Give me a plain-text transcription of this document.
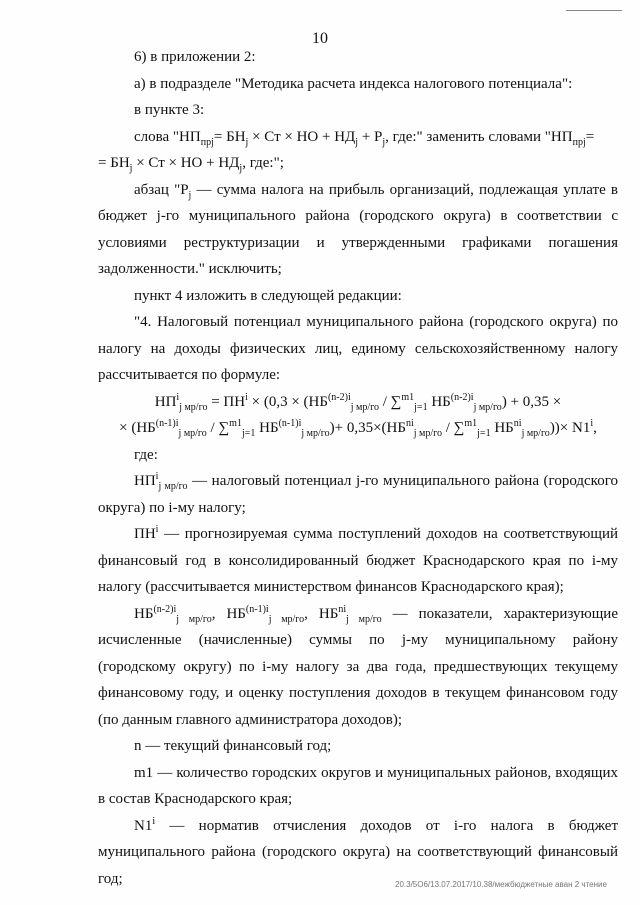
10

6) в приложении 2:

а) в подразделе "Методика расчета индекса налогового потенциала":

в пункте 3:

слова "$НП_{прj}= БН_j$ × Ст × НО + $НД_j + P_j$, где:" заменить словами "$НП_{прj}=$

= $БН_j$ × Ст × НО + $НД_j$, где:";

абзац "$P_j$ — сумма налога на прибыль организаций, подлежащая уплате в бюджет j-го муниципального района (городского округа) в соответствии с условиями реструктуризации и утвержденными графиками погашения задолженности." исключить;

пункт 4 изложить в следующей редакции:

"4. Налоговый потенциал муниципального района (городского округа) по налогу на доходы физических лиц, единому сельскохозяйственному налогу рассчитывается по формуле:

$НП^i_{j мр/го} = ПН^i \times (0,3 \times (НБ^{(n-2)i}_{j мр/го} / \sum^{m1}_{j=1}$ $НБ^{(n-2)i}_{j мр/го}) + 0,35$ ×

× ($НБ^{(n-1)i}_{j мр/го} / \sum^{m1}_{j=1}$ $НБ^{(n-1)i}_{j мр/го})+ 0,35\times(НБ^{ni}_{j мр/го} / \sum^{m1}_{j=1}$ $НБ^{ni}_{j мр/го}))\times N1^i$,

где:

$НП^i_{j мр/го}$ — налоговый потенциал j-го муниципального района (городского округа) по i-му налогу;

$ПН^i$ — прогнозируемая сумма поступлений доходов на соответствующий финансовый год в консолидированный бюджет Краснодарского края по i-му налогу (рассчитывается министерством финансов Краснодарского края);

$НБ^{(n-2)i}_{j мр/го}$, $НБ^{(n-1)i}_{j мр/го}$, $НБ^{ni}_{j мр/го}$ — показатели, характеризующие исчисленные (начисленные) суммы по j-му муниципальному району (городскому округу) по i-му налогу за два года, предшествующих текущему финансовому году, и оценку поступления доходов в текущем финансовом году (по данным главного администратора доходов);

n — текущий финансовый год;

m1 — количество городских округов и муниципальных районов, входящих в состав Краснодарского края;

N1$^i$ — норматив отчисления доходов от i-го налога в бюджет муниципального района (городского округа) на соответствующий финансовый год;	20.3/5О6/13.07.2017/10.38/межбюджетные аван 2 чтение
